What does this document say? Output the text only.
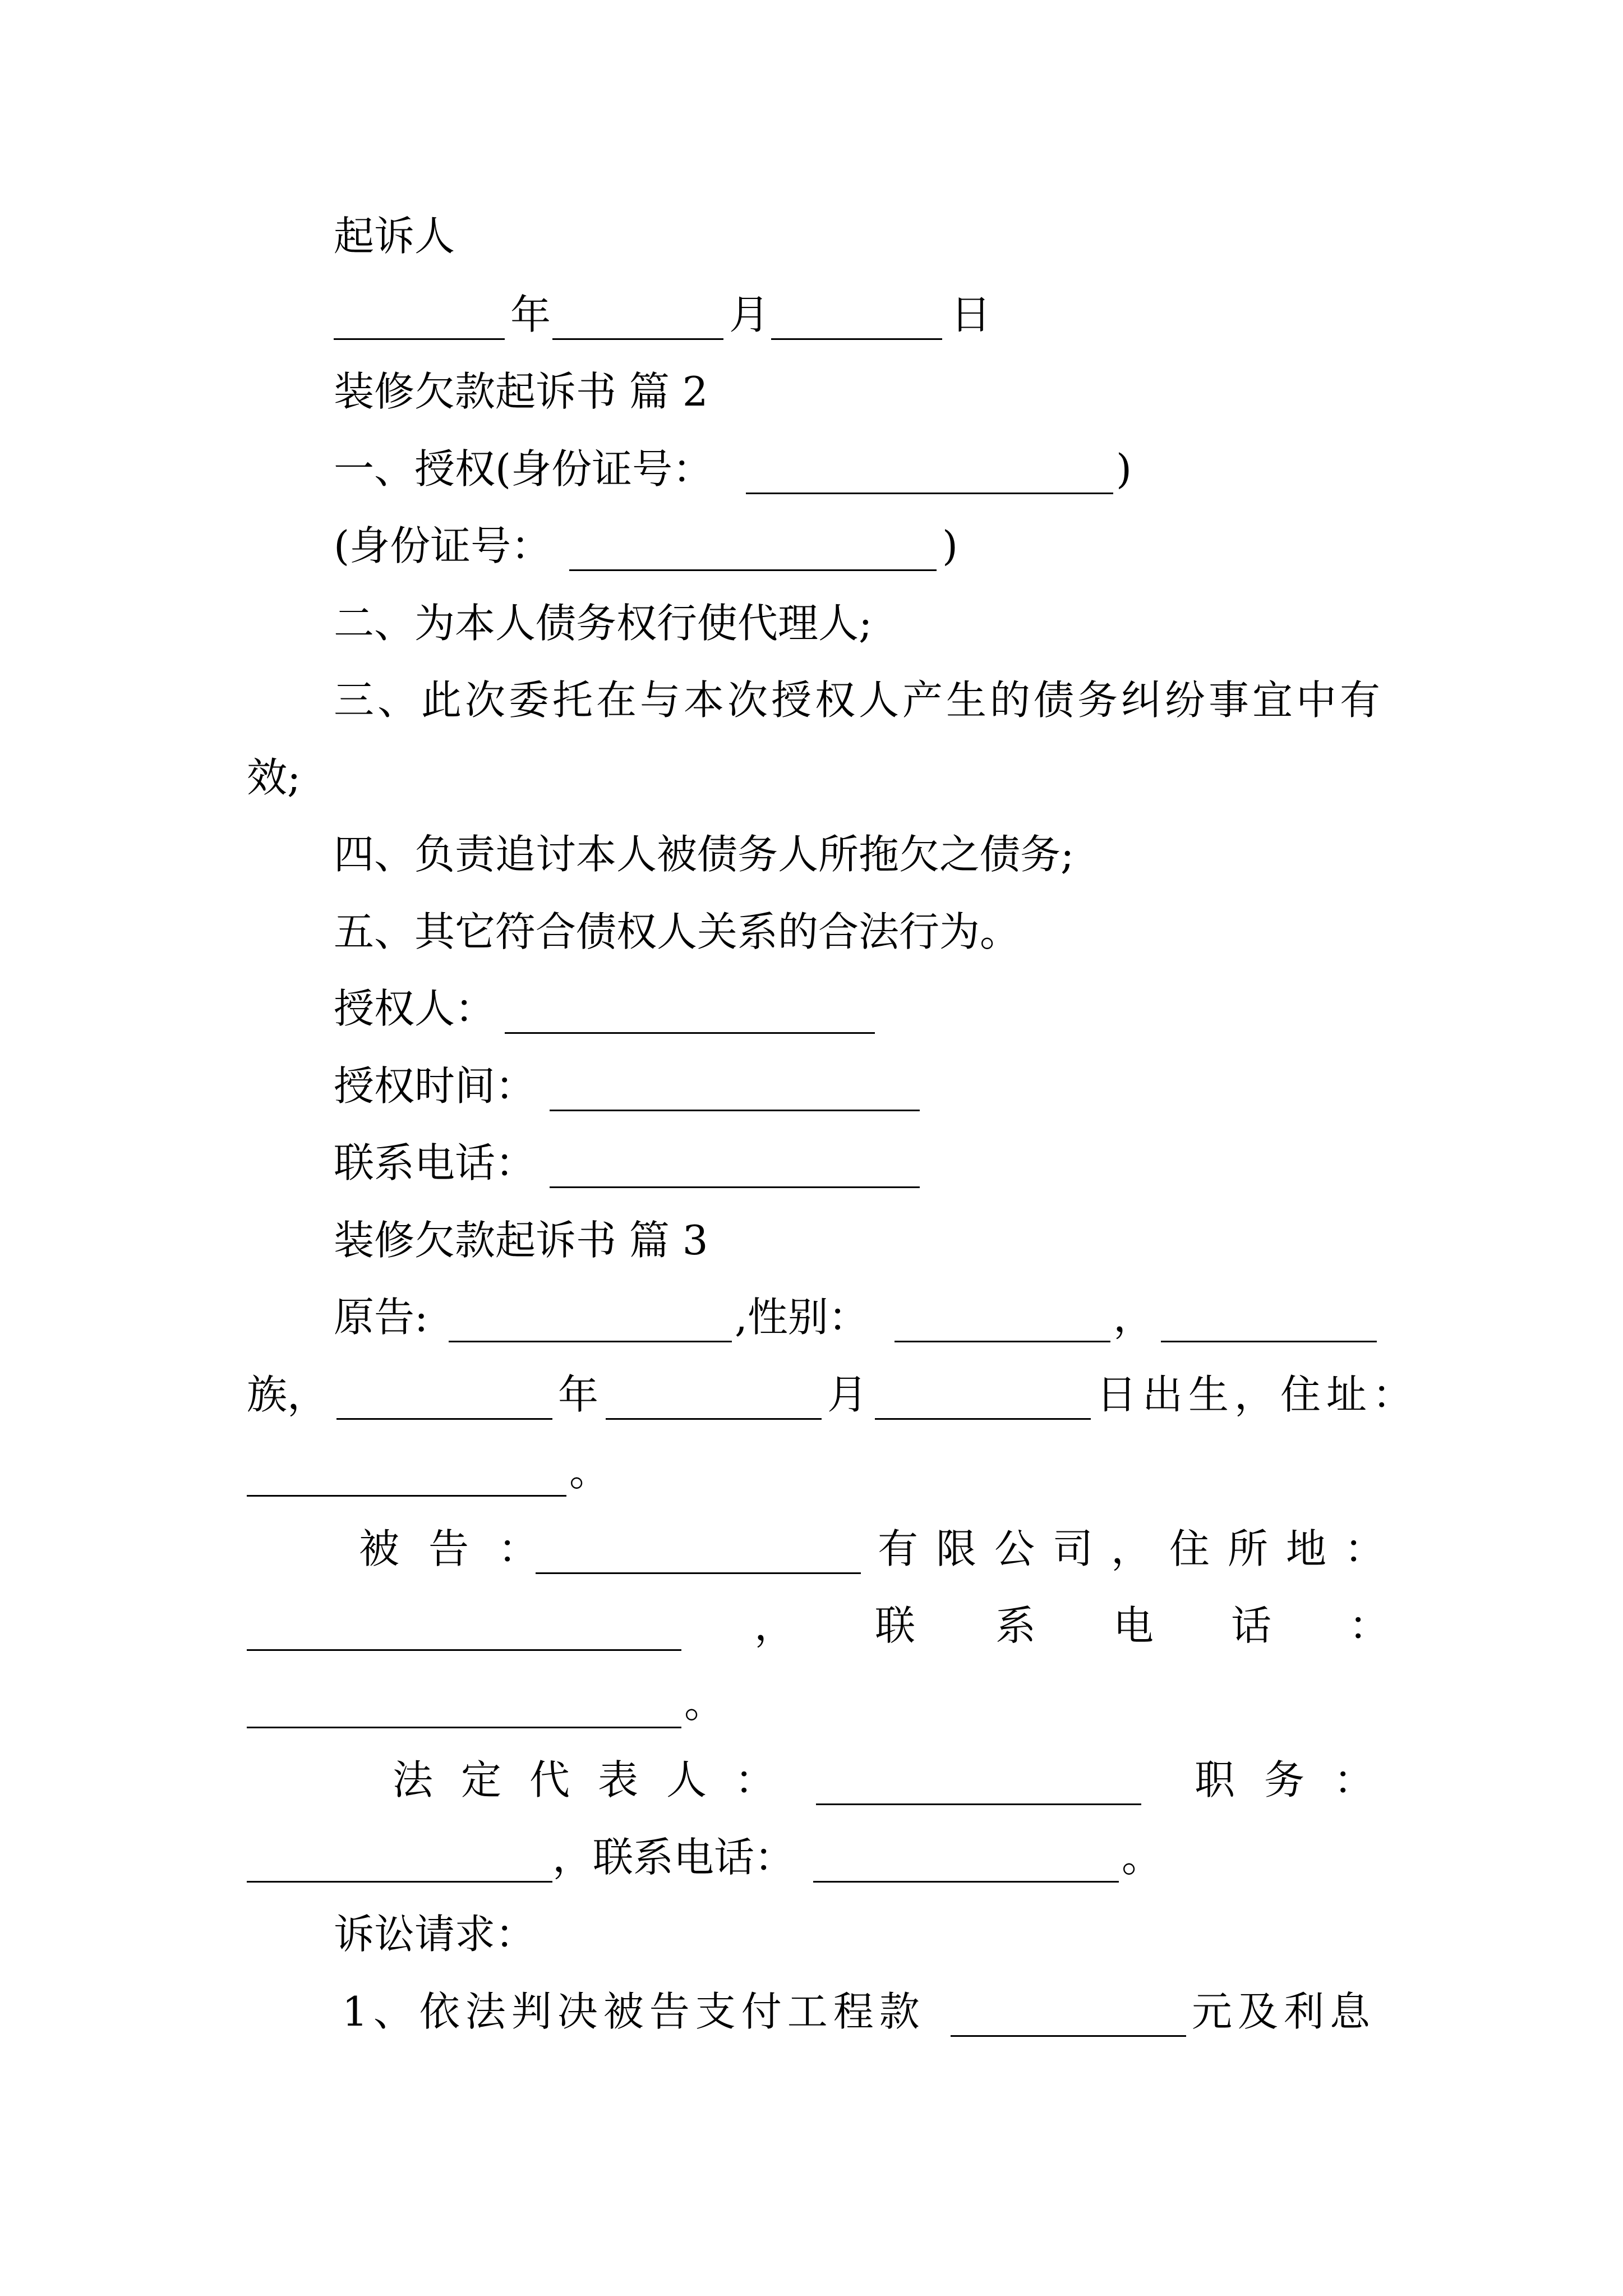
起诉人
年	月	日
装修欠款起诉书 篇 2
一、授权(身份证号：	)
(身份证号：	)
二、为本人债务权行使代理人;
三、此次委托在与本次授权人产生的债务纠纷事宜中有
效;
四、负责追讨本人被债务人所拖欠之债务;
五、其它符合债权人关系的合法行为。
授权人：
授权时间：
联系电话：
装修欠款起诉书 篇 3
原告:	,性别：	，
族，	年	月	日出生，住址：
。
被告：	有限公司，住所地：
， 联 系 电 话 ：
。
法定代表人：	职务：
，联系电话：	。
诉讼请求：
1、依法判决被告支付工程款	元及利息
